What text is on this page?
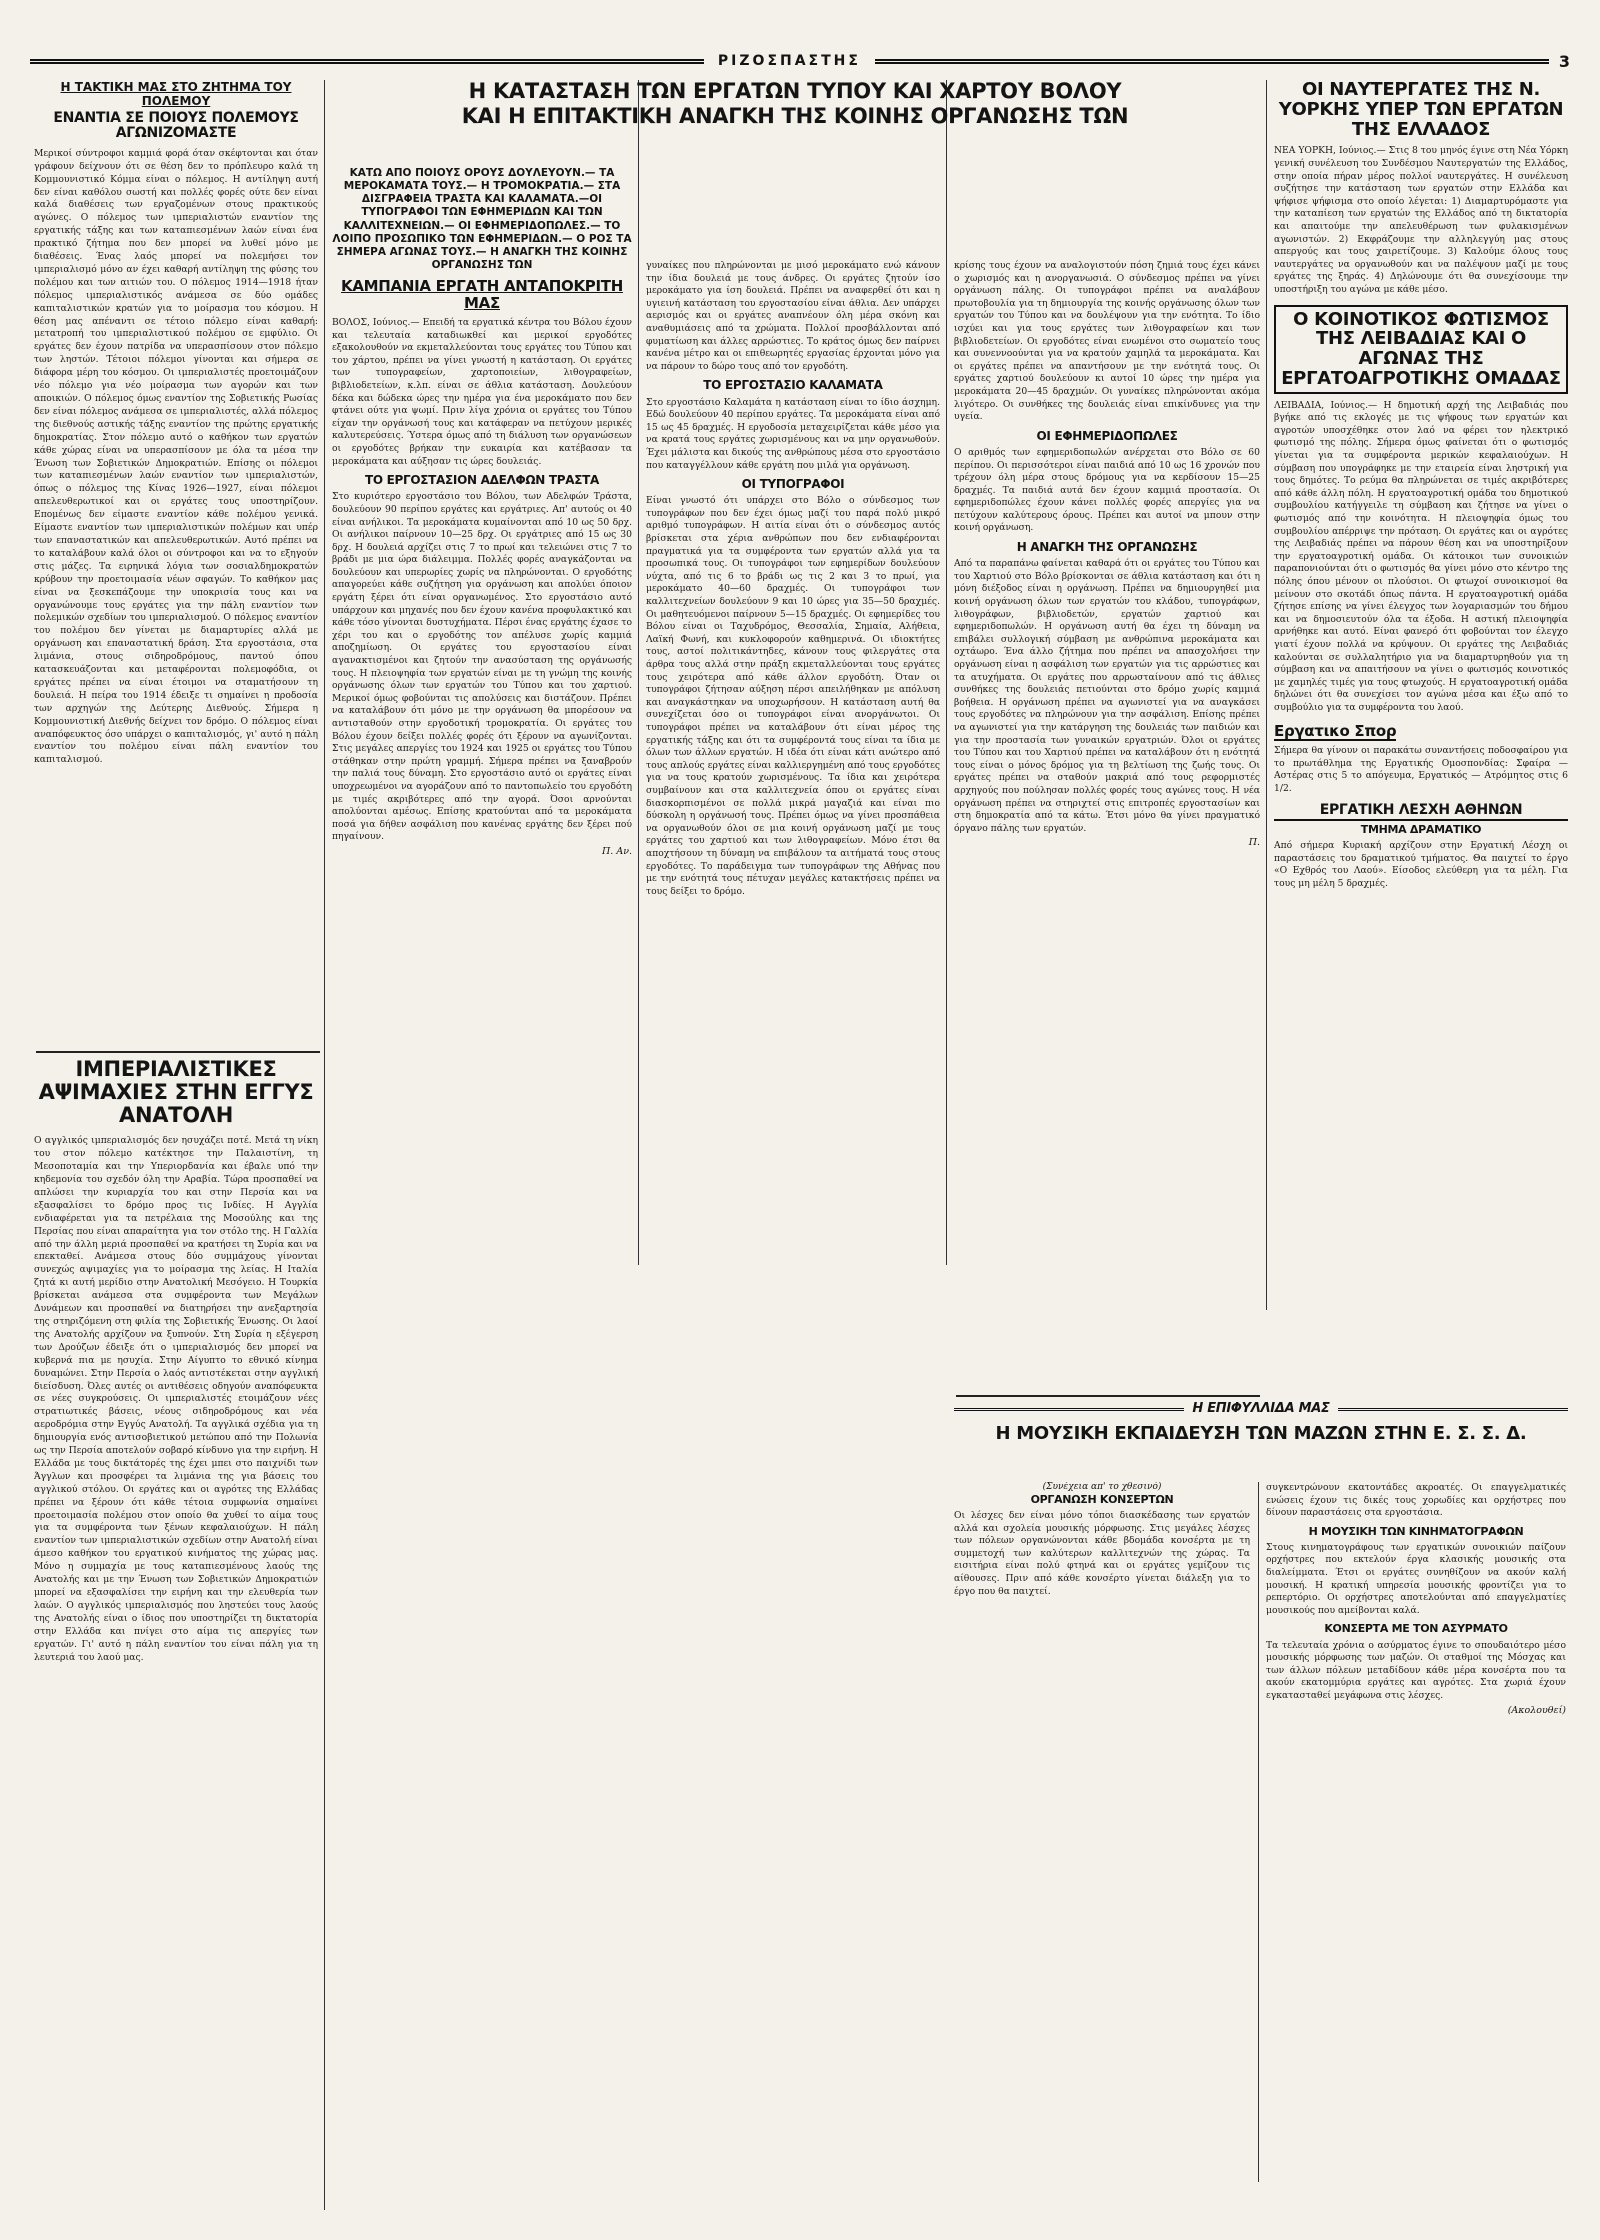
ΡΙΖΟΣΠΑΣΤΗΣ	3
Η ΤΑΚΤΙΚΗ ΜΑΣ ΣΤΟ ΖΗΤΗΜΑ ΤΟΥ ΠΟΛΕΜΟΥ
ΕΝΑΝΤΙΑ ΣΕ ΠΟΙΟΥΣ ΠΟΛΕΜΟΥΣ ΑΓΩΝΙΖΟΜΑΣΤΕ

Μερικοί σύντροφοι καμμιά φορά όταν σκέφτονται και όταν γράφουν δείχνουν ότι σε θέση δεν το πρόπλευρο καλά τη Κομμουνιστικό Κόμμα είναι ο πόλεμος. Η αντίληψη αυτή δεν είναι καθόλου σωστή και πολλές φορές ούτε δεν είναι καλά διαθέσεις των εργαζομένων στους πρακτικούς αγώνες. Ο πόλεμος των ιμπεριαλιστών εναντίον της εργατικής τάξης και των καταπιεσμένων λαών είναι ένα πρακτικό ζήτημα που δεν μπορεί να λυθεί μόνο με διαθέσεις. Ένας λαός μπορεί να πολεμήσει τον ιμπεριαλισμό μόνο αν έχει καθαρή αντίληψη της φύσης του πολέμου και των αιτιών του. Ο πόλεμος 1914—1918 ήταν πόλεμος ιμπεριαλιστικός ανάμεσα σε δύο ομάδες καπιταλιστικών κρατών για το μοίρασμα του κόσμου. Η θέση μας απέναντι σε τέτοιο πόλεμο είναι καθαρή: μετατροπή του ιμπεριαλιστικού πολέμου σε εμφύλιο. Οι εργάτες δεν έχουν πατρίδα να υπερασπίσουν στον πόλεμο των ληστών. Τέτοιοι πόλεμοι γίνονται και σήμερα σε διάφορα μέρη του κόσμου. Οι ιμπεριαλιστές προετοιμάζουν νέο πόλεμο για νέο μοίρασμα των αγορών και των αποικιών. Ο πόλεμος όμως εναντίον της Σοβιετικής Ρωσίας δεν είναι πόλεμος ανάμεσα σε ιμπεριαλιστές, αλλά πόλεμος της διεθνούς αστικής τάξης εναντίον της πρώτης εργατικής δημοκρατίας. Στον πόλεμο αυτό ο καθήκον των εργατών κάθε χώρας είναι να υπερασπίσουν με όλα τα μέσα την Ένωση των Σοβιετικών Δημοκρατιών. Επίσης οι πόλεμοι των καταπιεσμένων λαών εναντίον των ιμπεριαλιστών, όπως ο πόλεμος της Κίνας 1926—1927, είναι πόλεμοι απελευθερωτικοί και οι εργάτες τους υποστηρίζουν. Επομένως δεν είμαστε εναντίον κάθε πολέμου γενικά. Είμαστε εναντίον των ιμπεριαλιστικών πολέμων και υπέρ των επαναστατικών και απελευθερωτικών. Αυτό πρέπει να το καταλάβουν καλά όλοι οι σύντροφοι και να το εξηγούν στις μάζες. Τα ειρηνικά λόγια των σοσιαλδημοκρατών κρύβουν την προετοιμασία νέων σφαγών. Το καθήκον μας είναι να ξεσκεπάζουμε την υποκρισία τους και να οργανώνουμε τους εργάτες για την πάλη εναντίον των πολεμικών σχεδίων του ιμπεριαλισμού. Ο πόλεμος εναντίον του πολέμου δεν γίνεται με διαμαρτυρίες αλλά με οργάνωση και επαναστατική δράση. Στα εργοστάσια, στα λιμάνια, στους σιδηροδρόμους, παντού όπου κατασκευάζονται και μεταφέρονται πολεμοφόδια, οι εργάτες πρέπει να είναι έτοιμοι να σταματήσουν τη δουλειά. Η πείρα του 1914 έδειξε τι σημαίνει η προδοσία των αρχηγών της Δεύτερης Διεθνούς. Σήμερα η Κομμουνιστική Διεθνής δείχνει τον δρόμο. Ο πόλεμος είναι αναπόφευκτος όσο υπάρχει ο καπιταλισμός, γι' αυτό η πάλη εναντίον του πολέμου είναι πάλη εναντίον του καπιταλισμού.

ΙΜΠΕΡΙΑΛΙΣΤΙΚΕΣ ΑΨΙΜΑΧΙΕΣ ΣΤΗΝ ΕΓΓΥΣ ΑΝΑΤΟΛΗ

Ο αγγλικός ιμπεριαλισμός δεν ησυχάζει ποτέ. Μετά τη νίκη του στον πόλεμο κατέκτησε την Παλαιστίνη, τη Μεσοποταμία και την Υπεριορδανία και έβαλε υπό την κηδεμονία του σχεδόν όλη την Αραβία. Τώρα προσπαθεί να απλώσει την κυριαρχία του και στην Περσία και να εξασφαλίσει το δρόμο προς τις Ινδίες. Η Αγγλία ενδιαφέρεται για τα πετρέλαια της Μοσούλης και της Περσίας που είναι απαραίτητα για τον στόλο της. Η Γαλλία από την άλλη μεριά προσπαθεί να κρατήσει τη Συρία και να επεκταθεί. Ανάμεσα στους δύο συμμάχους γίνονται συνεχώς αψιμαχίες για το μοίρασμα της λείας. Η Ιταλία ζητά κι αυτή μερίδιο στην Ανατολική Μεσόγειο. Η Τουρκία βρίσκεται ανάμεσα στα συμφέροντα των Μεγάλων Δυνάμεων και προσπαθεί να διατηρήσει την ανεξαρτησία της στηριζόμενη στη φιλία της Σοβιετικής Ένωσης. Οι λαοί της Ανατολής αρχίζουν να ξυπνούν. Στη Συρία η εξέγερση των Δρούζων έδειξε ότι ο ιμπεριαλισμός δεν μπορεί να κυβερνά πια με ησυχία. Στην Αίγυπτο το εθνικό κίνημα δυναμώνει. Στην Περσία ο λαός αντιστέκεται στην αγγλική διείσδυση. Όλες αυτές οι αντιθέσεις οδηγούν αναπόφευκτα σε νέες συγκρούσεις. Οι ιμπεριαλιστές ετοιμάζουν νέες στρατιωτικές βάσεις, νέους σιδηροδρόμους και νέα αεροδρόμια στην Εγγύς Ανατολή. Τα αγγλικά σχέδια για τη δημιουργία ενός αντισοβιετικού μετώπου από την Πολωνία ως την Περσία αποτελούν σοβαρό κίνδυνο για την ειρήνη. Η Ελλάδα με τους δικτάτορές της έχει μπει στο παιχνίδι των Άγγλων και προσφέρει τα λιμάνια της για βάσεις του αγγλικού στόλου. Οι εργάτες και οι αγρότες της Ελλάδας πρέπει να ξέρουν ότι κάθε τέτοια συμφωνία σημαίνει προετοιμασία πολέμου στον οποίο θα χυθεί το αίμα τους για τα συμφέροντα των ξένων κεφαλαιούχων. Η πάλη εναντίον των ιμπεριαλιστικών σχεδίων στην Ανατολή είναι άμεσο καθήκον του εργατικού κινήματος της χώρας μας. Μόνο η συμμαχία με τους καταπιεσμένους λαούς της Ανατολής και με την Ένωση των Σοβιετικών Δημοκρατιών μπορεί να εξασφαλίσει την ειρήνη και την ελευθερία των λαών. Ο αγγλικός ιμπεριαλισμός που ληστεύει τους λαούς της Ανατολής είναι ο ίδιος που υποστηρίζει τη δικτατορία στην Ελλάδα και πνίγει στο αίμα τις απεργίες των εργατών. Γι' αυτό η πάλη εναντίον του είναι πάλη για τη λευτεριά του λαού μας.

Η ΚΑΤΑΣΤΑΣΗ ΤΩΝ ΕΡΓΑΤΩΝ ΤΥΠΟΥ ΚΑΙ ΧΑΡΤΟΥ ΒΟΛΟΥ
ΚΑΙ Η ΕΠΙΤΑΚΤΙΚΗ ΑΝΑΓΚΗ ΤΗΣ ΚΟΙΝΗΣ ΟΡΓΑΝΩΣΗΣ ΤΩΝ
ΚΑΤΩ ΑΠΟ ΠΟΙΟΥΣ ΟΡΟΥΣ ΔΟΥΛΕΥΟΥΝ.— ΤΑ ΜΕΡΟΚΑΜΑΤΑ ΤΟΥΣ.— Η ΤΡΟΜΟΚΡΑΤΙΑ.— ΣΤΑ ΔΙΣΓΡΑΦΕΙΑ ΤΡΑΣΤΑ ΚΑΙ ΚΑΛΑΜΑΤΑ.—ΟΙ ΤΥΠΟΓΡΑΦΟΙ ΤΩΝ ΕΦΗΜΕΡΙΔΩΝ ΚΑΙ ΤΩΝ ΚΑΛΛΙΤΕΧΝΕΙΩΝ.— ΟΙ ΕΦΗΜΕΡΙΔΟΠΩΛΕΣ.— ΤΟ ΛΟΙΠΟ ΠΡΟΣΩΠΙΚΟ ΤΩΝ ΕΦΗΜΕΡΙΔΩΝ.— Ο ΡΟΣ ΤΑ ΣΗΜΕΡΑ ΑΓΩΝΑΣ ΤΟΥΣ.— Η ΑΝΑΓΚΗ ΤΗΣ ΚΟΙΝΗΣ ΟΡΓΑΝΩΣΗΣ ΤΩΝ
ΚΑΜΠΑΝΙΑ ΕΡΓΑΤΗ ΑΝΤΑΠΟΚΡΙΤΗ ΜΑΣ

ΒΟΛΟΣ, Ιούνιος.— Επειδή τα εργατικά κέντρα του Βόλου έχουν και τελευταία καταδιωκθεί και μερικοί εργοδότες εξακολουθούν να εκμεταλλεύονται τους εργάτες του Τύπου και του χάρτου, πρέπει να γίνει γνωστή η κατάσταση. Οι εργάτες των τυπογραφείων, χαρτοποιείων, λιθογραφείων, βιβλιοδετείων, κ.λπ. είναι σε άθλια κατάσταση. Δουλεύουν δέκα και δώδεκα ώρες την ημέρα για ένα μεροκάματο που δεν φτάνει ούτε για ψωμί. Πριν λίγα χρόνια οι εργάτες του Τύπου είχαν την οργάνωσή τους και κατάφεραν να πετύχουν μερικές καλυτερεύσεις. Ύστερα όμως από τη διάλυση των οργανώσεων οι εργοδότες βρήκαν την ευκαιρία και κατέβασαν τα μεροκάματα και αύξησαν τις ώρες δουλειάς.

ΤΟ ΕΡΓΟΣΤΑΣΙΟΝ ΑΔΕΛΦΩΝ ΤΡΑΣΤΑ

Στο κυριότερο εργοστάσιο του Βόλου, των Αδελφών Τράστα, δουλεύουν 90 περίπου εργάτες και εργάτριες. Απ' αυτούς οι 40 είναι ανήλικοι. Τα μεροκάματα κυμαίνονται από 10 ως 50 δρχ. Οι ανήλικοι παίρνουν 10—25 δρχ. Οι εργάτριες από 15 ως 30 δρχ. Η δουλειά αρχίζει στις 7 το πρωί και τελειώνει στις 7 το βράδι με μια ώρα διάλειμμα. Πολλές φορές αναγκάζονται να δουλεύουν και υπερωρίες χωρίς να πληρώνονται. Ο εργοδότης απαγορεύει κάθε συζήτηση για οργάνωση και απολύει όποιον εργάτη ξέρει ότι είναι οργανωμένος. Στο εργοστάσιο αυτό υπάρχουν και μηχανές που δεν έχουν κανένα προφυλακτικό και κάθε τόσο γίνονται δυστυχήματα. Πέρσι ένας εργάτης έχασε το χέρι του και ο εργοδότης τον απέλυσε χωρίς καμμιά αποζημίωση. Οι εργάτες του εργοστασίου είναι αγανακτισμένοι και ζητούν την ανασύσταση της οργάνωσής τους. Η πλειοψηφία των εργατών είναι με τη γνώμη της κοινής οργάνωσης όλων των εργατών του Τύπου και του χαρτιού. Μερικοί όμως φοβούνται τις απολύσεις και διστάζουν. Πρέπει να καταλάβουν ότι μόνο με την οργάνωση θα μπορέσουν να αντισταθούν στην εργοδοτική τρομοκρατία. Οι εργάτες του Βόλου έχουν δείξει πολλές φορές ότι ξέρουν να αγωνίζονται. Στις μεγάλες απεργίες του 1924 και 1925 οι εργάτες του Τύπου στάθηκαν στην πρώτη γραμμή. Σήμερα πρέπει να ξαναβρούν την παλιά τους δύναμη. Στο εργοστάσιο αυτό οι εργάτες είναι υποχρεωμένοι να αγοράζουν από το παντοπωλείο του εργοδότη με τιμές ακριβότερες από την αγορά. Όσοι αρνούνται απολύονται αμέσως. Επίσης κρατούνται από τα μεροκάματα ποσά για δήθεν ασφάλιση που κανένας εργάτης δεν ξέρει πού πηγαίνουν.

Π. Αν.

γυναίκες που πληρώνονται με μισό μεροκάματο ενώ κάνουν την ίδια δουλειά με τους άνδρες. Οι εργάτες ζητούν ίσο μεροκάματο για ίση δουλειά. Πρέπει να αναφερθεί ότι και η υγιεινή κατάσταση του εργοστασίου είναι άθλια. Δεν υπάρχει αερισμός και οι εργάτες αναπνέουν όλη μέρα σκόνη και αναθυμιάσεις από τα χρώματα. Πολλοί προσβάλλονται από φυματίωση και άλλες αρρώστιες. Το κράτος όμως δεν παίρνει κανένα μέτρο και οι επιθεωρητές εργασίας έρχονται μόνο για να πάρουν το δώρο τους από τον εργοδότη.

ΤΟ ΕΡΓΟΣΤΑΣΙΟ ΚΑΛΑΜΑΤΑ

Στο εργοστάσιο Καλαμάτα η κατάσταση είναι το ίδιο άσχημη. Εδώ δουλεύουν 40 περίπου εργάτες. Τα μεροκάματα είναι από 15 ως 45 δραχμές. Η εργοδοσία μεταχειρίζεται κάθε μέσο για να κρατά τους εργάτες χωρισμένους και να μην οργανωθούν. Έχει μάλιστα και δικούς της ανθρώπους μέσα στο εργοστάσιο που καταγγέλλουν κάθε εργάτη που μιλά για οργάνωση.

ΟΙ ΤΥΠΟΓΡΑΦΟΙ

Είναι γνωστό ότι υπάρχει στο Βόλο ο σύνδεσμος των τυπογράφων που δεν έχει όμως μαζί του παρά πολύ μικρό αριθμό τυπογράφων. Η αιτία είναι ότι ο σύνδεσμος αυτός βρίσκεται στα χέρια ανθρώπων που δεν ενδιαφέρονται πραγματικά για τα συμφέροντα των εργατών αλλά για τα προσωπικά τους. Οι τυπογράφοι των εφημερίδων δουλεύουν νύχτα, από τις 6 το βράδι ως τις 2 και 3 το πρωί, για μεροκάματο 40—60 δραχμές. Οι τυπογράφοι των καλλιτεχνείων δουλεύουν 9 και 10 ώρες για 35—50 δραχμές. Οι μαθητευόμενοι παίρνουν 5—15 δραχμές. Οι εφημερίδες του Βόλου είναι οι Ταχυδρόμος, Θεσσαλία, Σημαία, Αλήθεια, Λαϊκή Φωνή, και κυκλοφορούν καθημερινά. Οι ιδιοκτήτες τους, αστοί πολιτικάντηδες, κάνουν τους φιλεργάτες στα άρθρα τους αλλά στην πράξη εκμεταλλεύονται τους εργάτες τους χειρότερα από κάθε άλλον εργοδότη. Όταν οι τυπογράφοι ζήτησαν αύξηση πέρσι απειλήθηκαν με απόλυση και αναγκάστηκαν να υποχωρήσουν. Η κατάσταση αυτή θα συνεχίζεται όσο οι τυπογράφοι είναι ανοργάνωτοι. Οι τυπογράφοι πρέπει να καταλάβουν ότι είναι μέρος της εργατικής τάξης και ότι τα συμφέροντά τους είναι τα ίδια με όλων των άλλων εργατών. Η ιδέα ότι είναι κάτι ανώτερο από τους απλούς εργάτες είναι καλλιεργημένη από τους εργοδότες για να τους κρατούν χωρισμένους. Τα ίδια και χειρότερα συμβαίνουν και στα καλλιτεχνεία όπου οι εργάτες είναι διασκορπισμένοι σε πολλά μικρά μαγαζιά και είναι πιο δύσκολη η οργάνωσή τους. Πρέπει όμως να γίνει προσπάθεια να οργανωθούν όλοι σε μια κοινή οργάνωση μαζί με τους εργάτες του χαρτιού και των λιθογραφείων. Μόνο έτσι θα αποχτήσουν τη δύναμη να επιβάλουν τα αιτήματά τους στους εργοδότες. Το παράδειγμα των τυπογράφων της Αθήνας που με την ενότητά τους πέτυχαν μεγάλες κατακτήσεις πρέπει να τους δείξει το δρόμο.

κρίσης τους έχουν να αναλογιστούν πόση ζημιά τους έχει κάνει ο χωρισμός και η ανοργανωσιά. Ο σύνδεσμος πρέπει να γίνει οργάνωση πάλης. Οι τυπογράφοι πρέπει να αναλάβουν πρωτοβουλία για τη δημιουργία της κοινής οργάνωσης όλων των εργατών του Τύπου και να δουλέψουν για την ενότητα. Το ίδιο ισχύει και για τους εργάτες των λιθογραφείων και των βιβλιοδετείων. Οι εργοδότες είναι ενωμένοι στο σωματείο τους και συνεννοούνται για να κρατούν χαμηλά τα μεροκάματα. Και οι εργάτες πρέπει να απαντήσουν με την ενότητά τους. Οι εργάτες χαρτιού δουλεύουν κι αυτοί 10 ώρες την ημέρα για μεροκάματα 20—45 δραχμών. Οι γυναίκες πληρώνονται ακόμα λιγότερο. Οι συνθήκες της δουλειάς είναι επικίνδυνες για την υγεία.

ΟΙ ΕΦΗΜΕΡΙΔΟΠΩΛΕΣ

Ο αριθμός των εφημεριδοπωλών ανέρχεται στο Βόλο σε 60 περίπου. Οι περισσότεροι είναι παιδιά από 10 ως 16 χρονών που τρέχουν όλη μέρα στους δρόμους για να κερδίσουν 15—25 δραχμές. Τα παιδιά αυτά δεν έχουν καμμιά προστασία. Οι εφημεριδοπώλες έχουν κάνει πολλές φορές απεργίες για να πετύχουν καλύτερους όρους. Πρέπει και αυτοί να μπουν στην κοινή οργάνωση.

Η ΑΝΑΓΚΗ ΤΗΣ ΟΡΓΑΝΩΣΗΣ

Από τα παραπάνω φαίνεται καθαρά ότι οι εργάτες του Τύπου και του Χαρτιού στο Βόλο βρίσκονται σε άθλια κατάσταση και ότι η μόνη διέξοδος είναι η οργάνωση. Πρέπει να δημιουργηθεί μια κοινή οργάνωση όλων των εργατών του κλάδου, τυπογράφων, λιθογράφων, βιβλιοδετών, εργατών χαρτιού και εφημεριδοπωλών. Η οργάνωση αυτή θα έχει τη δύναμη να επιβάλει συλλογική σύμβαση με ανθρώπινα μεροκάματα και οχτάωρο. Ένα άλλο ζήτημα που πρέπει να απασχολήσει την οργάνωση είναι η ασφάλιση των εργατών για τις αρρώστιες και τα ατυχήματα. Οι εργάτες που αρρωσταίνουν από τις άθλιες συνθήκες της δουλειάς πετιούνται στο δρόμο χωρίς καμμιά βοήθεια. Η οργάνωση πρέπει να αγωνιστεί για να αναγκάσει τους εργοδότες να πληρώνουν για την ασφάλιση. Επίσης πρέπει να αγωνιστεί για την κατάργηση της δουλειάς των παιδιών και για την προστασία των γυναικών εργατριών. Όλοι οι εργάτες του Τύπου και του Χαρτιού πρέπει να καταλάβουν ότι η ενότητά τους είναι ο μόνος δρόμος για τη βελτίωση της ζωής τους. Οι εργάτες πρέπει να σταθούν μακριά από τους ρεφορμιστές αρχηγούς που πούλησαν πολλές φορές τους αγώνες τους. Η νέα οργάνωση πρέπει να στηριχτεί στις επιτροπές εργοστασίων και στη δημοκρατία από τα κάτω. Έτσι μόνο θα γίνει πραγματικό όργανο πάλης των εργατών.

Π.
ΟΙ ΝΑΥΤΕΡΓΑΤΕΣ ΤΗΣ Ν. ΥΟΡΚΗΣ ΥΠΕΡ ΤΩΝ ΕΡΓΑΤΩΝ ΤΗΣ ΕΛΛΑΔΟΣ

ΝΕΑ ΥΟΡΚΗ, Ιούνιος.— Στις 8 του μηνός έγινε στη Νέα Υόρκη γενική συνέλευση του Συνδέσμου Ναυτεργατών της Ελλάδος, στην οποία πήραν μέρος πολλοί ναυτεργάτες. Η συνέλευση συζήτησε την κατάσταση των εργατών στην Ελλάδα και ψήφισε ψήφισμα στο οποίο λέγεται: 1) Διαμαρτυρόμαστε για την καταπίεση των εργατών της Ελλάδος από τη δικτατορία και απαιτούμε την απελευθέρωση των φυλακισμένων αγωνιστών. 2) Εκφράζουμε την αλληλεγγύη μας στους απεργούς και τους χαιρετίζουμε. 3) Καλούμε όλους τους ναυτεργάτες να οργανωθούν και να παλέψουν μαζί με τους εργάτες της ξηράς. 4) Δηλώνουμε ότι θα συνεχίσουμε την υποστήριξη του αγώνα με κάθε μέσο.

Ο ΚΟΙΝΟΤΙΚΟΣ ΦΩΤΙΣΜΟΣ ΤΗΣ ΛΕΙΒΑΔΙΑΣ ΚΑΙ Ο ΑΓΩΝΑΣ ΤΗΣ ΕΡΓΑΤΟΑΓΡΟΤΙΚΗΣ ΟΜΑΔΑΣ

ΛΕΙΒΑΔΙΑ, Ιούνιος.— Η δημοτική αρχή της Λειβαδιάς που βγήκε από τις εκλογές με τις ψήφους των εργατών και αγροτών υποσχέθηκε στον λαό να φέρει τον ηλεκτρικό φωτισμό της πόλης. Σήμερα όμως φαίνεται ότι ο φωτισμός γίνεται για τα συμφέροντα μερικών κεφαλαιούχων. Η σύμβαση που υπογράφηκε με την εταιρεία είναι ληστρική για τους δημότες. Το ρεύμα θα πληρώνεται σε τιμές ακριβότερες από κάθε άλλη πόλη. Η εργατοαγροτική ομάδα του δημοτικού συμβουλίου κατήγγειλε τη σύμβαση και ζήτησε να γίνει ο φωτισμός από την κοινότητα. Η πλειοψηφία όμως του συμβουλίου απέρριψε την πρόταση. Οι εργάτες και οι αγρότες της Λειβαδιάς πρέπει να πάρουν θέση και να υποστηρίξουν την εργατοαγροτική ομάδα. Οι κάτοικοι των συνοικιών παραπονιούνται ότι ο φωτισμός θα γίνει μόνο στο κέντρο της πόλης όπου μένουν οι πλούσιοι. Οι φτωχοί συνοικισμοί θα μείνουν στο σκοτάδι όπως πάντα. Η εργατοαγροτική ομάδα ζήτησε επίσης να γίνει έλεγχος των λογαριασμών του δήμου και να δημοσιευτούν όλα τα έξοδα. Η αστική πλειοψηφία αρνήθηκε και αυτό. Είναι φανερό ότι φοβούνται τον έλεγχο γιατί έχουν πολλά να κρύψουν. Οι εργάτες της Λειβαδιάς καλούνται σε συλλαλητήριο για να διαμαρτυρηθούν για τη σύμβαση και να απαιτήσουν να γίνει ο φωτισμός κοινοτικός με χαμηλές τιμές για τους φτωχούς. Η εργατοαγροτική ομάδα δηλώνει ότι θα συνεχίσει τον αγώνα μέσα και έξω από το συμβούλιο για τα συμφέροντα του λαού.

Εργατικο Σπορ

Σήμερα θα γίνουν οι παρακάτω συναντήσεις ποδοσφαίρου για το πρωτάθλημα της Εργατικής Ομοσπονδίας: Σφαίρα — Αστέρας στις 5 το απόγευμα, Εργατικός — Ατρόμητος στις 6 1/2.

ΕΡΓΑΤΙΚΗ ΛΕΣΧΗ ΑΘΗΝΩΝ
ΤΜΗΜΑ ΔΡΑΜΑΤΙΚΟ

Από σήμερα Κυριακή αρχίζουν στην Εργατική Λέσχη οι παραστάσεις του δραματικού τμήματος. Θα παιχτεί το έργο «Ο Εχθρός του Λαού». Είσοδος ελεύθερη για τα μέλη. Για τους μη μέλη 5 δραχμές.

Η ΕΠΙΦΥΛΛΙΔΑ ΜΑΣ
Η ΜΟΥΣΙΚΗ ΕΚΠΑΙΔΕΥΣΗ ΤΩΝ ΜΑΖΩΝ ΣΤΗΝ Ε. Σ. Σ. Δ.
(Συνέχεια απ' το χθεσινό)
ΟΡΓΑΝΩΣΗ ΚΟΝΣΕΡΤΩΝ

Οι λέσχες δεν είναι μόνο τόποι διασκέδασης των εργατών αλλά και σχολεία μουσικής μόρφωσης. Στις μεγάλες λέσχες των πόλεων οργανώνονται κάθε βδομάδα κονσέρτα με τη συμμετοχή των καλύτερων καλλιτεχνών της χώρας. Τα εισιτήρια είναι πολύ φτηνά και οι εργάτες γεμίζουν τις αίθουσες. Πριν από κάθε κονσέρτο γίνεται διάλεξη για το έργο που θα παιχτεί.

συγκεντρώνουν εκατοντάδες ακροατές. Οι επαγγελματικές ενώσεις έχουν τις δικές τους χορωδίες και ορχήστρες που δίνουν παραστάσεις στα εργοστάσια.

Η ΜΟΥΣΙΚΗ ΤΩΝ ΚΙΝΗΜΑΤΟΓΡΑΦΩΝ

Στους κινηματογράφους των εργατικών συνοικιών παίζουν ορχήστρες που εκτελούν έργα κλασικής μουσικής στα διαλείμματα. Έτσι οι εργάτες συνηθίζουν να ακούν καλή μουσική. Η κρατική υπηρεσία μουσικής φροντίζει για το ρεπερτόριο. Οι ορχήστρες αποτελούνται από επαγγελματίες μουσικούς που αμείβονται καλά.

ΚΟΝΣΕΡΤΑ ΜΕ ΤΟΝ ΑΣΥΡΜΑΤΟ

Τα τελευταία χρόνια ο ασύρματος έγινε το σπουδαιότερο μέσο μουσικής μόρφωσης των μαζών. Οι σταθμοί της Μόσχας και των άλλων πόλεων μεταδίδουν κάθε μέρα κονσέρτα που τα ακούν εκατομμύρια εργάτες και αγρότες. Στα χωριά έχουν εγκατασταθεί μεγάφωνα στις λέσχες.

(Ακολουθεί)
